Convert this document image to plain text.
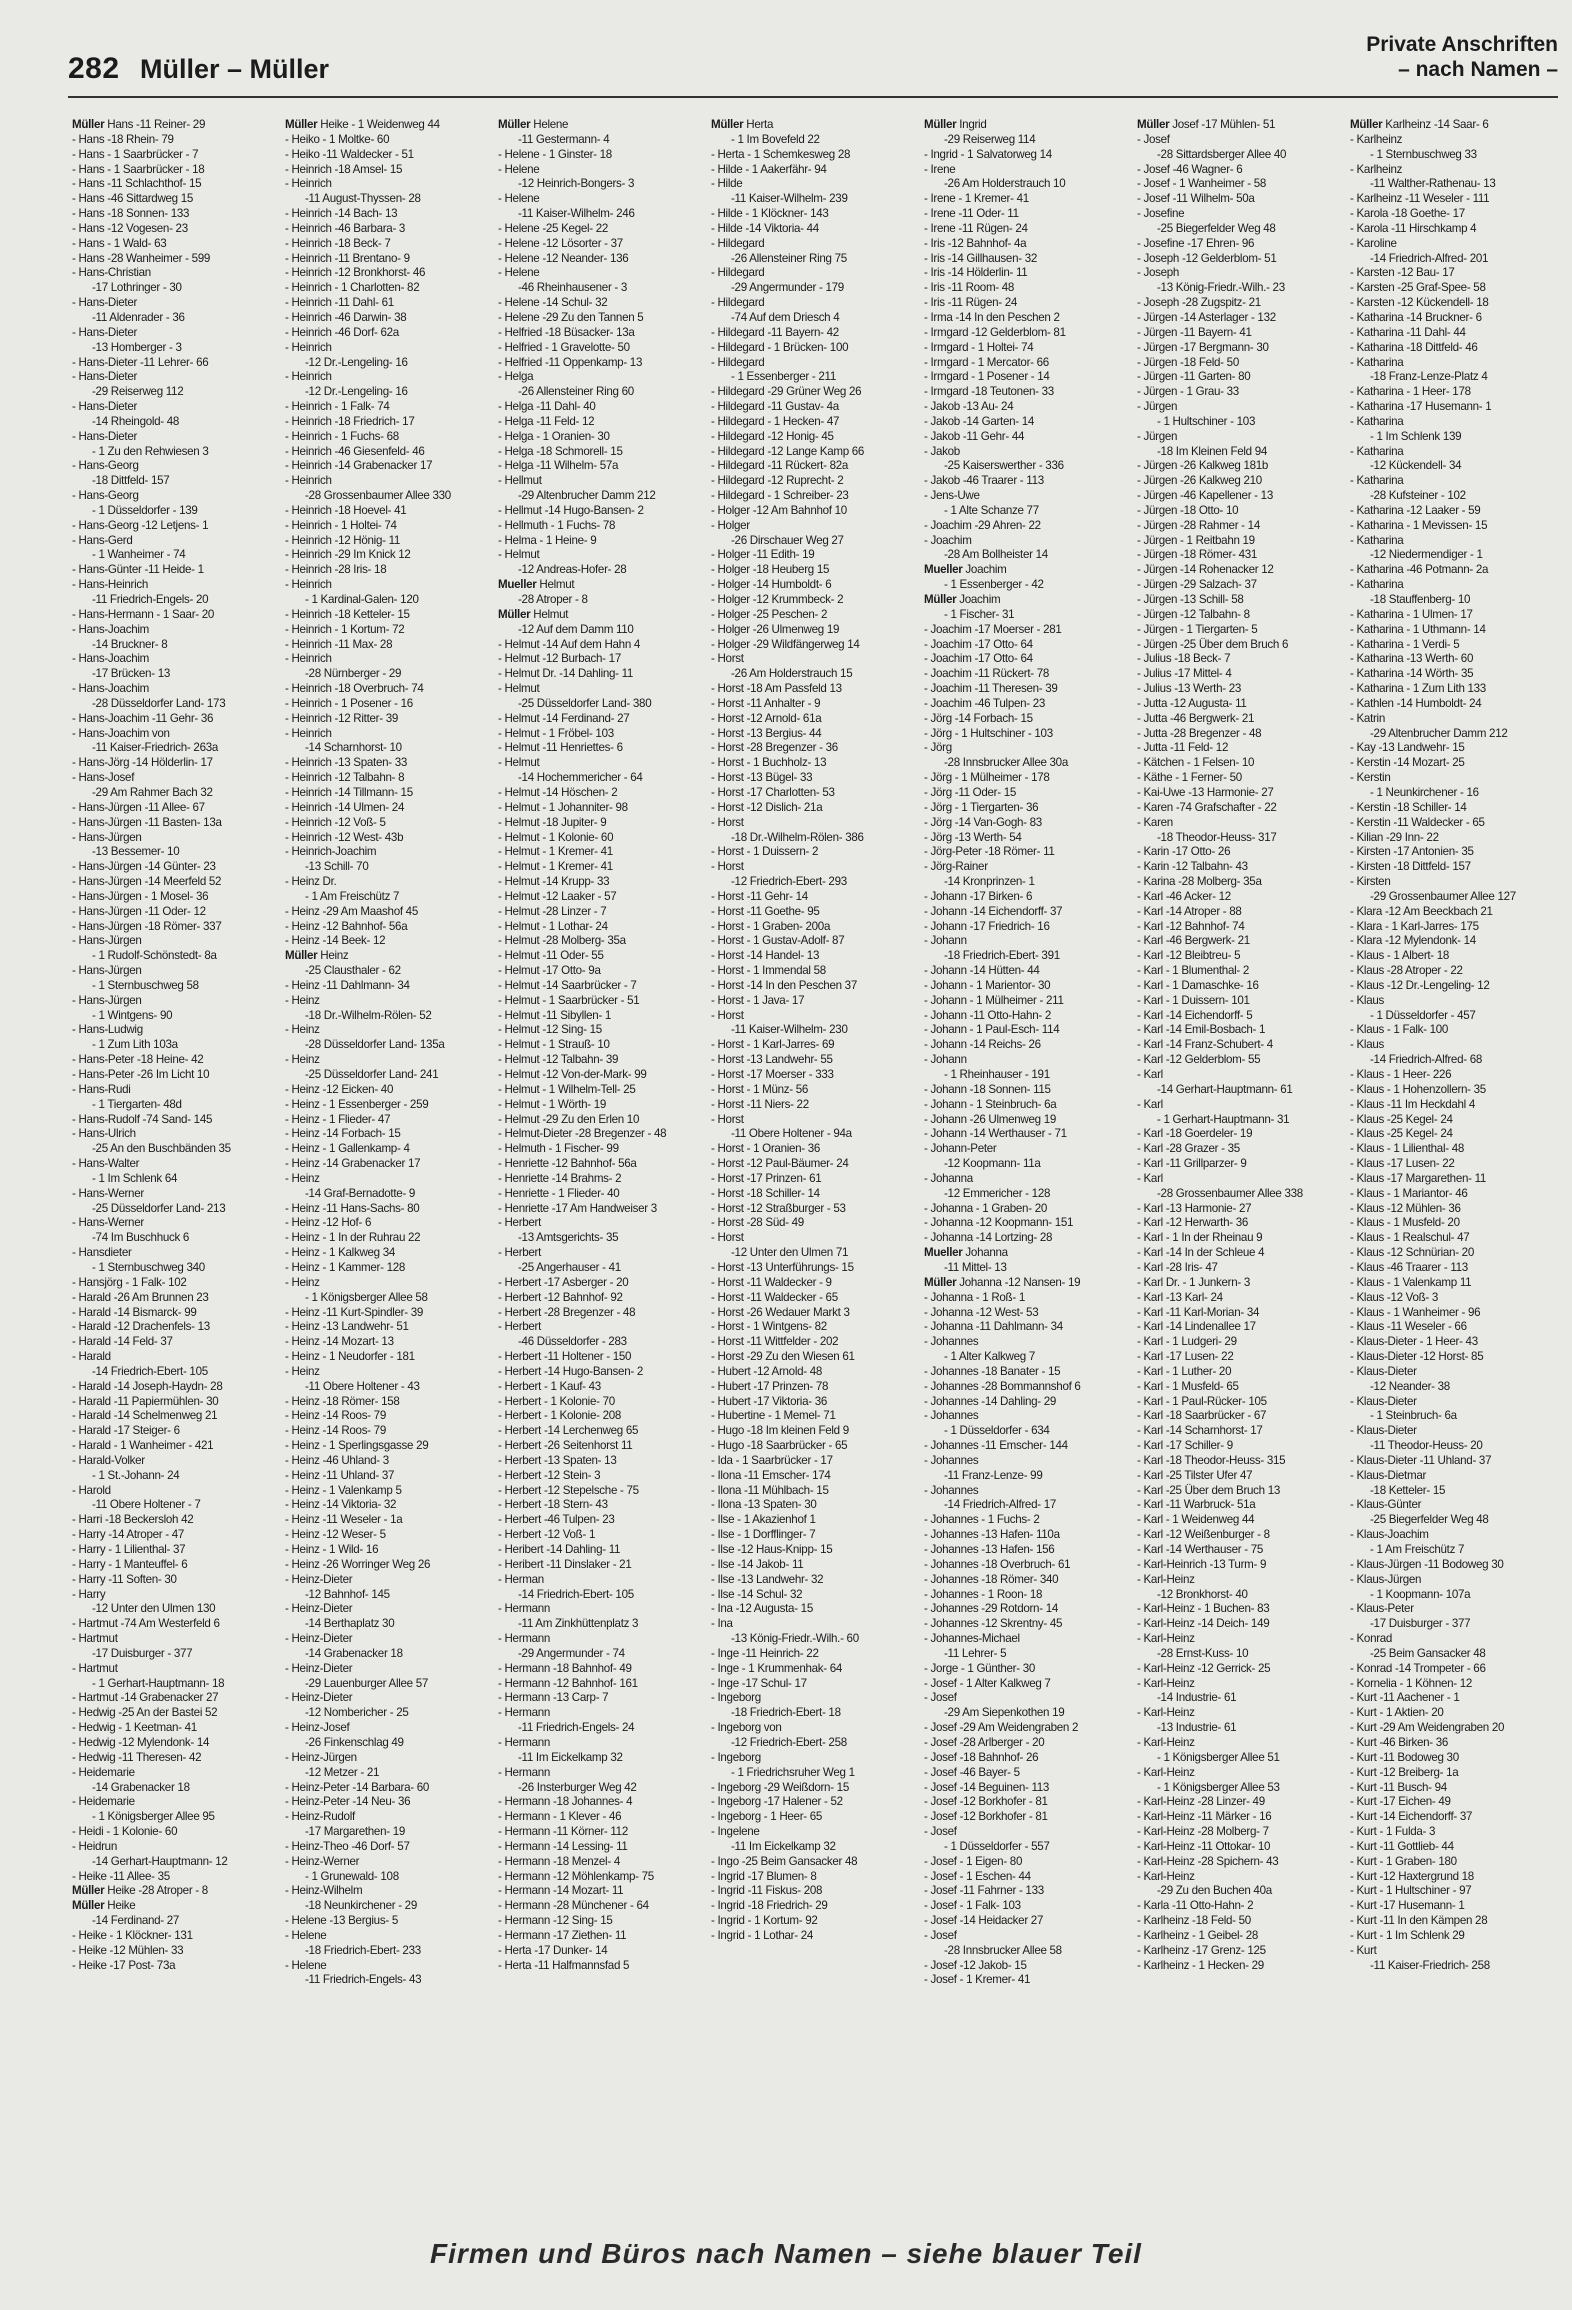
282 Müller – Müller
Private Anschriften
– nach Namen –
Müller Hans -11 Reiner- 29
- Hans -18 Rhein- 79
- Hans - 1 Saarbrücker - 7
- Hans - 1 Saarbrücker - 18
- Hans -11 Schlachthof- 15
- Hans -46 Sittardweg 15
- Hans -18 Sonnen- 133
- Hans -12 Vogesen- 23
- Hans - 1 Wald- 63
- Hans -28 Wanheimer - 599
- Hans-Christian
-17 Lothringer - 30
- Hans-Dieter
-11 Aldenrader - 36
- Hans-Dieter
-13 Homberger - 3
- Hans-Dieter -11 Lehrer- 66
- Hans-Dieter
-29 Reiserweg 112
- Hans-Dieter
-14 Rheingold- 48
- Hans-Dieter
- 1 Zu den Rehwiesen 3
- Hans-Georg
-18 Dittfeld- 157
- Hans-Georg
- 1 Düsseldorfer - 139
- Hans-Georg -12 Letjens- 1
- Hans-Gerd
- 1 Wanheimer - 74
- Hans-Günter -11 Heide- 1
- Hans-Heinrich
-11 Friedrich-Engels- 20
- Hans-Hermann - 1 Saar- 20
- Hans-Joachim
-14 Bruckner- 8
- Hans-Joachim
-17 Brücken- 13
- Hans-Joachim
-28 Düsseldorfer Land- 173
- Hans-Joachim -11 Gehr- 36
- Hans-Joachim von
-11 Kaiser-Friedrich- 263a
- Hans-Jörg -14 Hölderlin- 17
- Hans-Josef
-29 Am Rahmer Bach 32
- Hans-Jürgen -11 Allee- 67
- Hans-Jürgen -11 Basten- 13a
- Hans-Jürgen
-13 Bessemer- 10
- Hans-Jürgen -14 Günter- 23
- Hans-Jürgen -14 Meerfeld 52
- Hans-Jürgen - 1 Mosel- 36
- Hans-Jürgen -11 Oder- 12
- Hans-Jürgen -18 Römer- 337
- Hans-Jürgen
- 1 Rudolf-Schönstedt- 8a
- Hans-Jürgen
- 1 Sternbuschweg 58
- Hans-Jürgen
- 1 Wintgens- 90
- Hans-Ludwig
- 1 Zum Lith 103a
- Hans-Peter -18 Heine- 42
- Hans-Peter -26 Im Licht 10
- Hans-Rudi
- 1 Tiergarten- 48d
- Hans-Rudolf -74 Sand- 145
- Hans-Ulrich
-25 An den Buschbänden 35
- Hans-Walter
- 1 Im Schlenk 64
- Hans-Werner
-25 Düsseldorfer Land- 213
- Hans-Werner
-74 Im Buschhuck 6
- Hansdieter
- 1 Sternbuschweg 340
- Hansjörg - 1 Falk- 102
- Harald -26 Am Brunnen 23
- Harald -14 Bismarck- 99
- Harald -12 Drachenfels- 13
- Harald -14 Feld- 37
- Harald
-14 Friedrich-Ebert- 105
- Harald -14 Joseph-Haydn- 28
- Harald -11 Papiermühlen- 30
- Harald -14 Schelmenweg 21
- Harald -17 Steiger- 6
- Harald - 1 Wanheimer - 421
- Harald-Volker
- 1 St.-Johann- 24
- Harold
-11 Obere Holtener - 7
- Harri -18 Beckersloh 42
- Harry -14 Atroper - 47
- Harry - 1 Lilienthal- 37
- Harry - 1 Manteuffel- 6
- Harry -11 Soften- 30
- Harry
-12 Unter den Ulmen 130
- Hartmut -74 Am Westerfeld 6
- Hartmut
-17 Duisburger - 377
- Hartmut
- 1 Gerhart-Hauptmann- 18
- Hartmut -14 Grabenacker 27
- Hedwig -25 An der Bastei 52
- Hedwig - 1 Keetman- 41
- Hedwig -12 Mylendonk- 14
- Hedwig -11 Theresen- 42
- Heidemarie
-14 Grabenacker 18
- Heidemarie
- 1 Königsberger Allee 95
- Heidi - 1 Kolonie- 60
- Heidrun
-14 Gerhart-Hauptmann- 12
- Heike -11 Allee- 35
Müller Heike -28 Atroper - 8
Müller Heike
-14 Ferdinand- 27
- Heike - 1 Klöckner- 131
- Heike -12 Mühlen- 33
- Heike -17 Post- 73a
Müller Heike - 1 Weidenweg 44
- Heiko - 1 Moltke- 60
- Heiko -11 Waldecker - 51
- Heinrich -18 Amsel- 15
- Heinrich
-11 August-Thyssen- 28
- Heinrich -14 Bach- 13
- Heinrich -46 Barbara- 3
- Heinrich -18 Beck- 7
- Heinrich -11 Brentano- 9
- Heinrich -12 Bronkhorst- 46
- Heinrich - 1 Charlotten- 82
- Heinrich -11 Dahl- 61
- Heinrich -46 Darwin- 38
- Heinrich -46 Dorf- 62a
- Heinrich
-12 Dr.-Lengeling- 16
- Heinrich
-12 Dr.-Lengeling- 16
- Heinrich - 1 Falk- 74
- Heinrich -18 Friedrich- 17
- Heinrich - 1 Fuchs- 68
- Heinrich -46 Giesenfeld- 46
- Heinrich -14 Grabenacker 17
- Heinrich
-28 Grossenbaumer Allee 330
- Heinrich -18 Hoevel- 41
- Heinrich - 1 Holtei- 74
- Heinrich -12 Hönig- 11
- Heinrich -29 Im Knick 12
- Heinrich -28 Iris- 18
- Heinrich
- 1 Kardinal-Galen- 120
- Heinrich -18 Ketteler- 15
- Heinrich - 1 Kortum- 72
- Heinrich -11 Max- 28
- Heinrich
-28 Nürnberger - 29
- Heinrich -18 Overbruch- 74
- Heinrich - 1 Posener - 16
- Heinrich -12 Ritter- 39
- Heinrich
-14 Scharnhorst- 10
- Heinrich -13 Spaten- 33
- Heinrich -12 Talbahn- 8
- Heinrich -14 Tillmann- 15
- Heinrich -14 Ulmen- 24
- Heinrich -12 Voß- 5
- Heinrich -12 West- 43b
- Heinrich-Joachim
-13 Schill- 70
- Heinz Dr.
- 1 Am Freischütz 7
- Heinz -29 Am Maashof 45
- Heinz -12 Bahnhof- 56a
- Heinz -14 Beek- 12
Müller Heinz
-25 Clausthaler - 62
- Heinz -11 Dahlmann- 34
- Heinz
-18 Dr.-Wilhelm-Rölen- 52
- Heinz
-28 Düsseldorfer Land- 135a
- Heinz
-25 Düsseldorfer Land- 241
- Heinz -12 Eicken- 40
- Heinz - 1 Essenberger - 259
- Heinz - 1 Flieder- 47
- Heinz -14 Forbach- 15
- Heinz - 1 Gallenkamp- 4
- Heinz -14 Grabenacker 17
- Heinz
-14 Graf-Bernadotte- 9
- Heinz -11 Hans-Sachs- 80
- Heinz -12 Hof- 6
- Heinz - 1 In der Ruhrau 22
- Heinz - 1 Kalkweg 34
- Heinz - 1 Kammer- 128
- Heinz
- 1 Königsberger Allee 58
- Heinz -11 Kurt-Spindler- 39
- Heinz -13 Landwehr- 51
- Heinz -14 Mozart- 13
- Heinz - 1 Neudorfer - 181
- Heinz
-11 Obere Holtener - 43
- Heinz -18 Römer- 158
- Heinz -14 Roos- 79
- Heinz -14 Roos- 79
- Heinz - 1 Sperlingsgasse 29
- Heinz -46 Uhland- 3
- Heinz -11 Uhland- 37
- Heinz - 1 Valenkamp 5
- Heinz -14 Viktoria- 32
- Heinz -11 Weseler - 1a
- Heinz -12 Weser- 5
- Heinz - 1 Wild- 16
- Heinz -26 Worringer Weg 26
- Heinz-Dieter
-12 Bahnhof- 145
- Heinz-Dieter
-14 Berthaplatz 30
- Heinz-Dieter
-14 Grabenacker 18
- Heinz-Dieter
-29 Lauenburger Allee 57
- Heinz-Dieter
-12 Nombericher - 25
- Heinz-Josef
-26 Finkenschlag 49
- Heinz-Jürgen
-12 Metzer - 21
- Heinz-Peter -14 Barbara- 60
- Heinz-Peter -14 Neu- 36
- Heinz-Rudolf
-17 Margarethen- 19
- Heinz-Theo -46 Dorf- 57
- Heinz-Werner
- 1 Grunewald- 108
- Heinz-Wilhelm
-18 Neunkirchener - 29
- Helene -13 Bergius- 5
- Helene
-18 Friedrich-Ebert- 233
- Helene
-11 Friedrich-Engels- 43
Müller Helene
-11 Gestermann- 4
- Helene - 1 Ginster- 18
- Helene
-12 Heinrich-Bongers- 3
- Helene
-11 Kaiser-Wilhelm- 246
- Helene -25 Kegel- 22
- Helene -12 Lösorter - 37
- Helene -12 Neander- 136
- Helene
-46 Rheinhausener - 3
- Helene -14 Schul- 32
- Helene -29 Zu den Tannen 5
- Helfried -18 Büsacker- 13a
- Helfried - 1 Gravelotte- 50
- Helfried -11 Oppenkamp- 13
- Helga
-26 Allensteiner Ring 60
- Helga -11 Dahl- 40
- Helga -11 Feld- 12
- Helga - 1 Oranien- 30
- Helga -18 Schmorell- 15
- Helga -11 Wilhelm- 57a
- Hellmut
-29 Altenbrucher Damm 212
- Hellmut -14 Hugo-Bansen- 2
- Hellmuth - 1 Fuchs- 78
- Helma - 1 Heine- 9
- Helmut
-12 Andreas-Hofer- 28
Mueller Helmut
-28 Atroper - 8
Müller Helmut
-12 Auf dem Damm 110
- Helmut -14 Auf dem Hahn 4
- Helmut -12 Burbach- 17
- Helmut Dr. -14 Dahling- 11
- Helmut
-25 Düsseldorfer Land- 380
- Helmut -14 Ferdinand- 27
- Helmut - 1 Fröbel- 103
- Helmut -11 Henriettes- 6
- Helmut
-14 Hochemmericher - 64
- Helmut -14 Höschen- 2
- Helmut - 1 Johanniter- 98
- Helmut -18 Jupiter- 9
- Helmut - 1 Kolonie- 60
- Helmut - 1 Kremer- 41
- Helmut - 1 Kremer- 41
- Helmut -14 Krupp- 33
- Helmut -12 Laaker - 57
- Helmut -28 Linzer - 7
- Helmut - 1 Lothar- 24
- Helmut -28 Molberg- 35a
- Helmut -11 Oder- 55
- Helmut -17 Otto- 9a
- Helmut -14 Saarbrücker - 7
- Helmut - 1 Saarbrücker - 51
- Helmut -11 Sibyllen- 1
- Helmut -12 Sing- 15
- Helmut - 1 Strauß- 10
- Helmut -12 Talbahn- 39
- Helmut -12 Von-der-Mark- 99
- Helmut - 1 Wilhelm-Tell- 25
- Helmut - 1 Wörth- 19
- Helmut -29 Zu den Erlen 10
- Helmut-Dieter -28 Bregenzer - 48
- Helmuth - 1 Fischer- 99
- Henriette -12 Bahnhof- 56a
- Henriette -14 Brahms- 2
- Henriette - 1 Flieder- 40
- Henriette -17 Am Handweiser 3
- Herbert
-13 Amtsgerichts- 35
- Herbert
-25 Angerhauser - 41
- Herbert -17 Asberger - 20
- Herbert -12 Bahnhof- 92
- Herbert -28 Bregenzer - 48
- Herbert
-46 Düsseldorfer - 283
- Herbert -11 Holtener - 150
- Herbert -14 Hugo-Bansen- 2
- Herbert - 1 Kauf- 43
- Herbert - 1 Kolonie- 70
- Herbert - 1 Kolonie- 208
- Herbert -14 Lerchenweg 65
- Herbert -26 Seitenhorst 11
- Herbert -13 Spaten- 13
- Herbert -12 Stein- 3
- Herbert -12 Stepelsche - 75
- Herbert -18 Stern- 43
- Herbert -46 Tulpen- 23
- Herbert -12 Voß- 1
- Heribert -14 Dahling- 11
- Heribert -11 Dinslaker - 21
- Herman
-14 Friedrich-Ebert- 105
- Hermann
-11 Am Zinkhüttenplatz 3
- Hermann
-29 Angermunder - 74
- Hermann -18 Bahnhof- 49
- Hermann -12 Bahnhof- 161
- Hermann -13 Carp- 7
- Hermann
-11 Friedrich-Engels- 24
- Hermann
-11 Im Eickelkamp 32
- Hermann
-26 Insterburger Weg 42
- Hermann -18 Johannes- 4
- Hermann - 1 Klever - 46
- Hermann -11 Körner- 112
- Hermann -14 Lessing- 11
- Hermann -18 Menzel- 4
- Hermann -12 Möhlenkamp- 75
- Hermann -14 Mozart- 11
- Hermann -28 Münchener - 64
- Hermann -12 Sing- 15
- Hermann -17 Ziethen- 11
- Herta -17 Dunker- 14
- Herta -11 Halfmannsfad 5
Müller Herta
- 1 Im Bovefeld 22
- Herta - 1 Schemkesweg 28
- Hilde - 1 Aakerfähr- 94
- Hilde
-11 Kaiser-Wilhelm- 239
- Hilde - 1 Klöckner- 143
- Hilde -14 Viktoria- 44
- Hildegard
-26 Allensteiner Ring 75
- Hildegard
-29 Angermunder - 179
- Hildegard
-74 Auf dem Driesch 4
- Hildegard -11 Bayern- 42
- Hildegard - 1 Brücken- 100
- Hildegard
- 1 Essenberger - 211
- Hildegard -29 Grüner Weg 26
- Hildegard -11 Gustav- 4a
- Hildegard - 1 Hecken- 47
- Hildegard -12 Honig- 45
- Hildegard -12 Lange Kamp 66
- Hildegard -11 Rückert- 82a
- Hildegard -12 Ruprecht- 2
- Hildegard - 1 Schreiber- 23
- Holger -12 Am Bahnhof 10
- Holger
-26 Dirschauer Weg 27
- Holger -11 Edith- 19
- Holger -18 Heuberg 15
- Holger -14 Humboldt- 6
- Holger -12 Krummbeck- 2
- Holger -25 Peschen- 2
- Holger -26 Ulmenweg 19
- Holger -29 Wildfängerweg 14
- Horst
-26 Am Holderstrauch 15
- Horst -18 Am Passfeld 13
- Horst -11 Anhalter - 9
- Horst -12 Arnold- 61a
- Horst -13 Bergius- 44
- Horst -28 Bregenzer - 36
- Horst - 1 Buchholz- 13
- Horst -13 Bügel- 33
- Horst -17 Charlotten- 53
- Horst -12 Dislich- 21a
- Horst
-18 Dr.-Wilhelm-Rölen- 386
- Horst - 1 Duissern- 2
- Horst
-12 Friedrich-Ebert- 293
- Horst -11 Gehr- 14
- Horst -11 Goethe- 95
- Horst - 1 Graben- 200a
- Horst - 1 Gustav-Adolf- 87
- Horst -14 Handel- 13
- Horst - 1 Immendal 58
- Horst -14 In den Peschen 37
- Horst - 1 Java- 17
- Horst
-11 Kaiser-Wilhelm- 230
- Horst - 1 Karl-Jarres- 69
- Horst -13 Landwehr- 55
- Horst -17 Moerser - 333
- Horst - 1 Münz- 56
- Horst -11 Niers- 22
- Horst
-11 Obere Holtener - 94a
- Horst - 1 Oranien- 36
- Horst -12 Paul-Bäumer- 24
- Horst -17 Prinzen- 61
- Horst -18 Schiller- 14
- Horst -12 Straßburger - 53
- Horst -28 Süd- 49
- Horst
-12 Unter den Ulmen 71
- Horst -13 Unterführungs- 15
- Horst -11 Waldecker - 9
- Horst -11 Waldecker - 65
- Horst -26 Wedauer Markt 3
- Horst - 1 Wintgens- 82
- Horst -11 Wittfelder - 202
- Horst -29 Zu den Wiesen 61
- Hubert -12 Arnold- 48
- Hubert -17 Prinzen- 78
- Hubert -17 Viktoria- 36
- Hubertine - 1 Memel- 71
- Hugo -18 Im kleinen Feld 9
- Hugo -18 Saarbrücker - 65
- Ida - 1 Saarbrücker - 17
- Ilona -11 Emscher- 174
- Ilona -11 Mühlbach- 15
- Ilona -13 Spaten- 30
- Ilse - 1 Akazienhof 1
- Ilse - 1 Dorfflinger- 7
- Ilse -12 Haus-Knipp- 15
- Ilse -14 Jakob- 11
- Ilse -13 Landwehr- 32
- Ilse -14 Schul- 32
- Ina -12 Augusta- 15
- Ina
-13 König-Friedr.-Wilh.- 60
- Inge -11 Heinrich- 22
- Inge - 1 Krummenhak- 64
- Inge -17 Schul- 17
- Ingeborg
-18 Friedrich-Ebert- 18
- Ingeborg von
-12 Friedrich-Ebert- 258
- Ingeborg
- 1 Friedrichsruher Weg 1
- Ingeborg -29 Weißdorn- 15
- Ingeborg -17 Halener - 52
- Ingeborg - 1 Heer- 65
- Ingelene
-11 Im Eickelkamp 32
- Ingo -25 Beim Gansacker 48
- Ingrid -17 Blumen- 8
- Ingrid -11 Fiskus- 208
- Ingrid -18 Friedrich- 29
- Ingrid - 1 Kortum- 92
- Ingrid - 1 Lothar- 24
Müller Ingrid
-29 Reiserweg 114
- Ingrid - 1 Salvatorweg 14
- Irene
-26 Am Holderstrauch 10
- Irene - 1 Kremer- 41
- Irene -11 Oder- 11
- Irene -11 Rügen- 24
- Iris -12 Bahnhof- 4a
- Iris -14 Gillhausen- 32
- Iris -14 Hölderlin- 11
- Iris -11 Room- 48
- Iris -11 Rügen- 24
- Irma -14 In den Peschen 2
- Irmgard -12 Gelderblom- 81
- Irmgard - 1 Holtei- 74
- Irmgard - 1 Mercator- 66
- Irmgard - 1 Posener - 14
- Irmgard -18 Teutonen- 33
- Jakob -13 Au- 24
- Jakob -14 Garten- 14
- Jakob -11 Gehr- 44
- Jakob
-25 Kaiserswerther - 336
- Jakob -46 Traarer - 113
- Jens-Uwe
- 1 Alte Schanze 77
- Joachim -29 Ahren- 22
- Joachim
-28 Am Bollheister 14
Mueller Joachim
- 1 Essenberger - 42
Müller Joachim
- 1 Fischer- 31
- Joachim -17 Moerser - 281
- Joachim -17 Otto- 64
- Joachim -17 Otto- 64
- Joachim -11 Rückert- 78
- Joachim -11 Theresen- 39
- Joachim -46 Tulpen- 23
- Jörg -14 Forbach- 15
- Jörg - 1 Hultschiner - 103
- Jörg
-28 Innsbrucker Allee 30a
- Jörg - 1 Mülheimer - 178
- Jörg -11 Oder- 15
- Jörg - 1 Tiergarten- 36
- Jörg -14 Van-Gogh- 83
- Jörg -13 Werth- 54
- Jörg-Peter -18 Römer- 11
- Jörg-Rainer
-14 Kronprinzen- 1
- Johann -17 Birken- 6
- Johann -14 Eichendorff- 37
- Johann -17 Friedrich- 16
- Johann
-18 Friedrich-Ebert- 391
- Johann -14 Hütten- 44
- Johann - 1 Marientor- 30
- Johann - 1 Mülheimer - 211
- Johann -11 Otto-Hahn- 2
- Johann - 1 Paul-Esch- 114
- Johann -14 Reichs- 26
- Johann
- 1 Rheinhauser - 191
- Johann -18 Sonnen- 115
- Johann - 1 Steinbruch- 6a
- Johann -26 Ulmenweg 19
- Johann -14 Werthauser - 71
- Johann-Peter
-12 Koopmann- 11a
- Johanna
-12 Emmericher - 128
- Johanna - 1 Graben- 20
- Johanna -12 Koopmann- 151
- Johanna -14 Lortzing- 28
Mueller Johanna
-11 Mittel- 13
Müller Johanna -12 Nansen- 19
- Johanna - 1 Roß- 1
- Johanna -12 West- 53
- Johanna -11 Dahlmann- 34
- Johannes
- 1 Alter Kalkweg 7
- Johannes -18 Banater - 15
- Johannes -28 Bommannshof 6
- Johannes -14 Dahling- 29
- Johannes
- 1 Düsseldorfer - 634
- Johannes -11 Emscher- 144
- Johannes
-11 Franz-Lenze- 99
- Johannes
-14 Friedrich-Alfred- 17
- Johannes - 1 Fuchs- 2
- Johannes -13 Hafen- 110a
- Johannes -13 Hafen- 156
- Johannes -18 Overbruch- 61
- Johannes -18 Römer- 340
- Johannes - 1 Roon- 18
- Johannes -29 Rotdorn- 14
- Johannes -12 Skrentny- 45
- Johannes-Michael
-11 Lehrer- 5
- Jorge - 1 Günther- 30
- Josef - 1 Alter Kalkweg 7
- Josef
-29 Am Siepenkothen 19
- Josef -29 Am Weidengraben 2
- Josef -28 Arlberger - 20
- Josef -18 Bahnhof- 26
- Josef -46 Bayer- 5
- Josef -14 Beguinen- 113
- Josef -12 Borkhofer - 81
- Josef -12 Borkhofer - 81
- Josef
- 1 Düsseldorfer - 557
- Josef - 1 Eigen- 80
- Josef - 1 Eschen- 44
- Josef -11 Fahrner - 133
- Josef - 1 Falk- 103
- Josef -14 Heidacker 27
- Josef
-28 Innsbrucker Allee 58
- Josef -12 Jakob- 15
- Josef - 1 Kremer- 41
Müller Josef -17 Mühlen- 51
- Josef
-28 Sittardsberger Allee 40
- Josef -46 Wagner- 6
- Josef - 1 Wanheimer - 58
- Josef -11 Wilhelm- 50a
- Josefine
-25 Biegerfelder Weg 48
- Josefine -17 Ehren- 96
- Joseph -12 Gelderblom- 51
- Joseph
-13 König-Friedr.-Wilh.- 23
- Joseph -28 Zugspitz- 21
- Jürgen -14 Asterlager - 132
- Jürgen -11 Bayern- 41
- Jürgen -17 Bergmann- 30
- Jürgen -18 Feld- 50
- Jürgen -11 Garten- 80
- Jürgen - 1 Grau- 33
- Jürgen
- 1 Hultschiner - 103
- Jürgen
-18 Im Kleinen Feld 94
- Jürgen -26 Kalkweg 181b
- Jürgen -26 Kalkweg 210
- Jürgen -46 Kapellener - 13
- Jürgen -18 Otto- 10
- Jürgen -28 Rahmer - 14
- Jürgen - 1 Reitbahn 19
- Jürgen -18 Römer- 431
- Jürgen -14 Rohenacker 12
- Jürgen -29 Salzach- 37
- Jürgen -13 Schill- 58
- Jürgen -12 Talbahn- 8
- Jürgen - 1 Tiergarten- 5
- Jürgen -25 Über dem Bruch 6
- Julius -18 Beck- 7
- Julius -17 Mittel- 4
- Julius -13 Werth- 23
- Jutta -12 Augusta- 11
- Jutta -46 Bergwerk- 21
- Jutta -28 Bregenzer - 48
- Jutta -11 Feld- 12
- Kätchen - 1 Felsen- 10
- Käthe - 1 Ferner- 50
- Kai-Uwe -13 Harmonie- 27
- Karen -74 Grafschafter - 22
- Karen
-18 Theodor-Heuss- 317
- Karin -17 Otto- 26
- Karin -12 Talbahn- 43
- Karina -28 Molberg- 35a
- Karl -46 Acker- 12
- Karl -14 Atroper - 88
- Karl -12 Bahnhof- 74
- Karl -46 Bergwerk- 21
- Karl -12 Bleibtreu- 5
- Karl - 1 Blumenthal- 2
- Karl - 1 Damaschke- 16
- Karl - 1 Duissern- 101
- Karl -14 Eichendorff- 5
- Karl -14 Emil-Bosbach- 1
- Karl -14 Franz-Schubert- 4
- Karl -12 Gelderblom- 55
- Karl
-14 Gerhart-Hauptmann- 61
- Karl
- 1 Gerhart-Hauptmann- 31
- Karl -18 Goerdeler- 19
- Karl -28 Grazer - 35
- Karl -11 Grillparzer- 9
- Karl
-28 Grossenbaumer Allee 338
- Karl -13 Harmonie- 27
- Karl -12 Herwarth- 36
- Karl - 1 In der Rheinau 9
- Karl -14 In der Schleue 4
- Karl -28 Iris- 47
- Karl Dr. - 1 Junkern- 3
- Karl -13 Karl- 24
- Karl -11 Karl-Morian- 34
- Karl -14 Lindenallee 17
- Karl - 1 Ludgeri- 29
- Karl -17 Lusen- 22
- Karl - 1 Luther- 20
- Karl - 1 Musfeld- 65
- Karl - 1 Paul-Rücker- 105
- Karl -18 Saarbrücker - 67
- Karl -14 Scharnhorst- 17
- Karl -17 Schiller- 9
- Karl -18 Theodor-Heuss- 315
- Karl -25 Tilster Ufer 47
- Karl -25 Über dem Bruch 13
- Karl -11 Warbruck- 51a
- Karl - 1 Weidenweg 44
- Karl -12 Weißenburger - 8
- Karl -14 Werthauser - 75
- Karl-Heinrich -13 Turm- 9
- Karl-Heinz
-12 Bronkhorst- 40
- Karl-Heinz - 1 Buchen- 83
- Karl-Heinz -14 Deich- 149
- Karl-Heinz
-28 Ernst-Kuss- 10
- Karl-Heinz -12 Gerrick- 25
- Karl-Heinz
-14 Industrie- 61
- Karl-Heinz
-13 Industrie- 61
- Karl-Heinz
- 1 Königsberger Allee 51
- Karl-Heinz
- 1 Königsberger Allee 53
- Karl-Heinz -28 Linzer- 49
- Karl-Heinz -11 Märker - 16
- Karl-Heinz -28 Molberg- 7
- Karl-Heinz -11 Ottokar- 10
- Karl-Heinz -28 Spichern- 43
- Karl-Heinz
-29 Zu den Buchen 40a
- Karla -11 Otto-Hahn- 2
- Karlheinz -18 Feld- 50
- Karlheinz - 1 Geibel- 28
- Karlheinz -17 Grenz- 125
- Karlheinz - 1 Hecken- 29
Müller Karlheinz -14 Saar- 6
- Karlheinz
- 1 Sternbuschweg 33
- Karlheinz
-11 Walther-Rathenau- 13
- Karlheinz -11 Weseler - 111
- Karola -18 Goethe- 17
- Karola -11 Hirschkamp 4
- Karoline
-14 Friedrich-Alfred- 201
- Karsten -12 Bau- 17
- Karsten -25 Graf-Spee- 58
- Karsten -12 Kückendell- 18
- Katharina -14 Bruckner- 6
- Katharina -11 Dahl- 44
- Katharina -18 Dittfeld- 46
- Katharina
-18 Franz-Lenze-Platz 4
- Katharina - 1 Heer- 178
- Katharina -17 Husemann- 1
- Katharina
- 1 Im Schlenk 139
- Katharina
-12 Kückendell- 34
- Katharina
-28 Kufsteiner - 102
- Katharina -12 Laaker - 59
- Katharina - 1 Mevissen- 15
- Katharina
-12 Niedermendiger - 1
- Katharina -46 Potmann- 2a
- Katharina
-18 Stauffenberg- 10
- Katharina - 1 Ulmen- 17
- Katharina - 1 Uthmann- 14
- Katharina - 1 Verdi- 5
- Katharina -13 Werth- 60
- Katharina -14 Wörth- 35
- Katharina - 1 Zum Lith 133
- Kathlen -14 Humboldt- 24
- Katrin
-29 Altenbrucher Damm 212
- Kay -13 Landwehr- 15
- Kerstin -14 Mozart- 25
- Kerstin
- 1 Neunkirchener - 16
- Kerstin -18 Schiller- 14
- Kerstin -11 Waldecker - 65
- Kilian -29 Inn- 22
- Kirsten -17 Antonien- 35
- Kirsten -18 Dittfeld- 157
- Kirsten
-29 Grossenbaumer Allee 127
- Klara -12 Am Beeckbach 21
- Klara - 1 Karl-Jarres- 175
- Klara -12 Mylendonk- 14
- Klaus - 1 Albert- 18
- Klaus -28 Atroper - 22
- Klaus -12 Dr.-Lengeling- 12
- Klaus
- 1 Düsseldorfer - 457
- Klaus - 1 Falk- 100
- Klaus
-14 Friedrich-Alfred- 68
- Klaus - 1 Heer- 226
- Klaus - 1 Hohenzollern- 35
- Klaus -11 Im Heckdahl 4
- Klaus -25 Kegel- 24
- Klaus -25 Kegel- 24
- Klaus - 1 Lilienthal- 48
- Klaus -17 Lusen- 22
- Klaus -17 Margarethen- 11
- Klaus - 1 Mariantor- 46
- Klaus -12 Mühlen- 36
- Klaus - 1 Musfeld- 20
- Klaus - 1 Realschul- 47
- Klaus -12 Schnürian- 20
- Klaus -46 Traarer - 113
- Klaus - 1 Valenkamp 11
- Klaus -12 Voß- 3
- Klaus - 1 Wanheimer - 96
- Klaus -11 Weseler - 66
- Klaus-Dieter - 1 Heer- 43
- Klaus-Dieter -12 Horst- 85
- Klaus-Dieter
-12 Neander- 38
- Klaus-Dieter
- 1 Steinbruch- 6a
- Klaus-Dieter
-11 Theodor-Heuss- 20
- Klaus-Dieter -11 Uhland- 37
- Klaus-Dietmar
-18 Ketteler- 15
- Klaus-Günter
-25 Biegerfelder Weg 48
- Klaus-Joachim
- 1 Am Freischütz 7
- Klaus-Jürgen -11 Bodoweg 30
- Klaus-Jürgen
- 1 Koopmann- 107a
- Klaus-Peter
-17 Duisburger - 377
- Konrad
-25 Beim Gansacker 48
- Konrad -14 Trompeter - 66
- Kornelia - 1 Köhnen- 12
- Kurt -11 Aachener - 1
- Kurt - 1 Aktien- 20
- Kurt -29 Am Weidengraben 20
- Kurt -46 Birken- 36
- Kurt -11 Bodoweg 30
- Kurt -12 Breiberg- 1a
- Kurt -11 Busch- 94
- Kurt -17 Eichen- 49
- Kurt -14 Eichendorff- 37
- Kurt - 1 Fulda- 3
- Kurt -11 Gottlieb- 44
- Kurt - 1 Graben- 180
- Kurt -12 Haxtergrund 18
- Kurt - 1 Hultschiner - 97
- Kurt -17 Husemann- 1
- Kurt -11 In den Kämpen 28
- Kurt - 1 Im Schlenk 29
- Kurt
-11 Kaiser-Friedrich- 258
Firmen und Büros nach Namen – siehe blauer Teil
